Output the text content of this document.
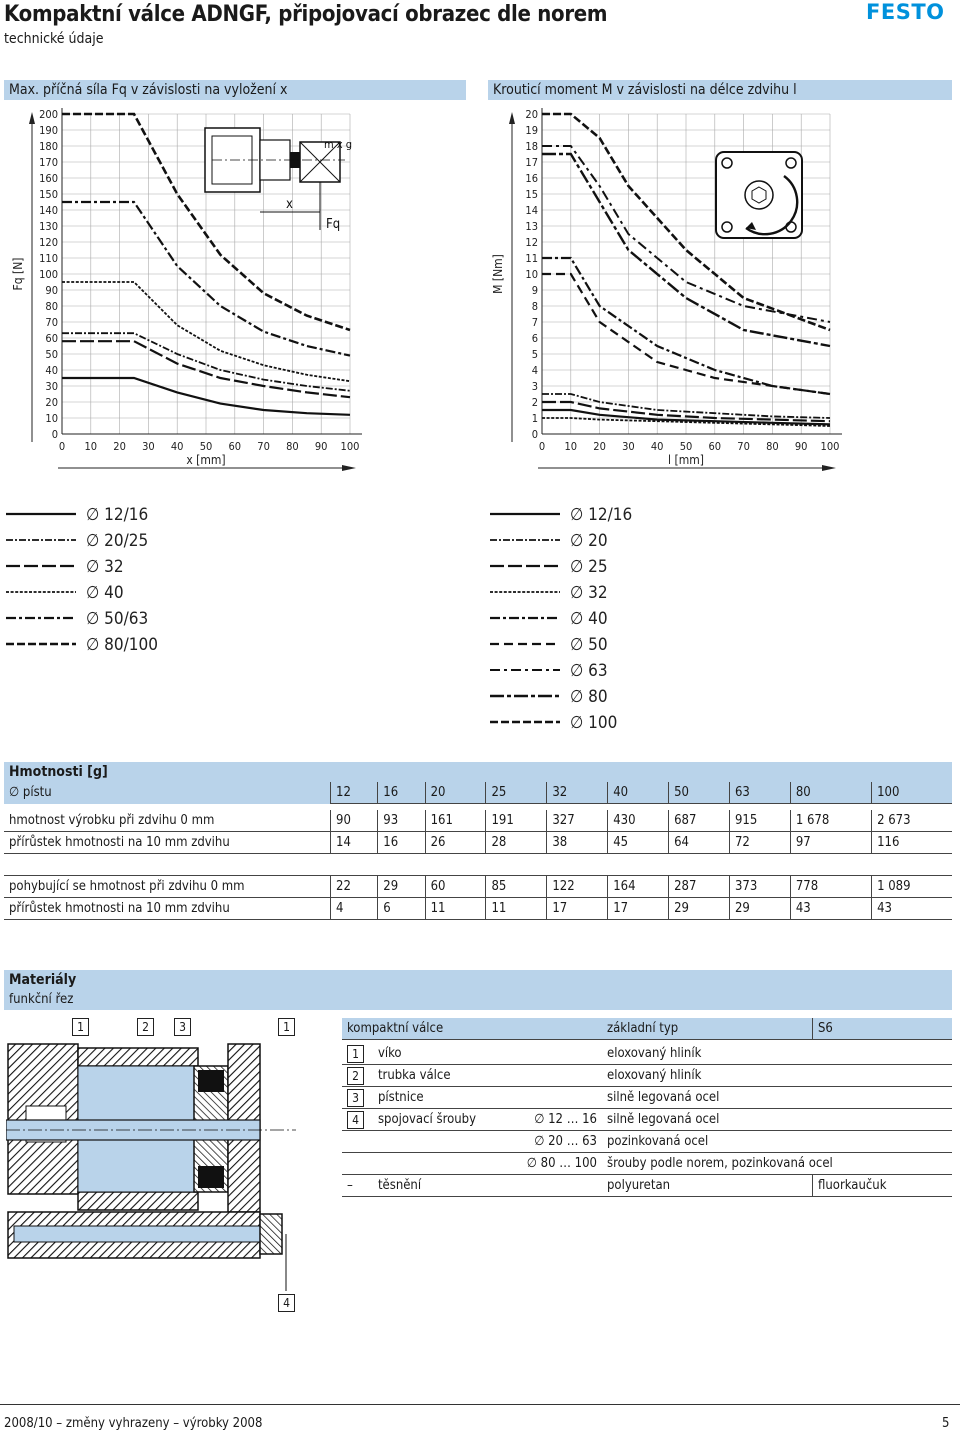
Kompaktní válce ADNGF, připojovací obrazec dle norem
technické údaje
FESTO
Max. příčná síla Fq v závislosti na vyložení x	Krouticí moment M v závislosti na délce zdvihu l
0 10 20 30 40 50 60 70 80 90 100
0
10
20
30
40
50
60
70
80
90
100
110
120
130
140
150
160
170
180
190
200
x [mm]
Fq [N]
m x g
x
Fq
0 10 20 30 40 50 60 70 80 90 100
0
1
2
3
4
5
6
7
8
9
10
11
12
13
14
15
16
17
18
19
20
l [mm]
M [Nm]
∅ 12/16
∅ 20/25
∅ 32
∅ 40
∅ 50/63
∅ 80/100
∅ 12/16
∅ 20
∅ 25
∅ 32
∅ 40
∅ 50
∅ 63
∅ 80
∅ 100
Hmotnosti [g]
∅ pístu	12	16	20	25	32	40	50	63	80	100

hmotnost výrobku při zdvihu 0 mm	90	93	161	191	327	430	687	915	1 678	2 673
přírůstek hmotnosti na 10 mm zdvihu	14	16	26	28	38	45	64	72	97	116

pohybující se hmotnost při zdvihu 0 mm	22	29	60	85	122	164	287	373	778	1 089
přírůstek hmotnosti na 10 mm zdvihu	4	6	11	11	17	17	29	29	43	43
Materiály
funkční řez
1	2	3	1
4
kompaktní válce			základní typ	S6

1	víko		eloxovaný hliník	
2	trubka válce		eloxovaný hliník	
3	pístnice		silně legovaná ocel	
4	spojovací šrouby	∅ 12 … 16	silně legovaná ocel	
		∅ 20 … 63	pozinkovaná ocel	
		∅ 80 … 100	šrouby podle norem, pozinkovaná ocel	
–	těsnění		polyuretan	fluorkaučuk
2008/10 – změny vyhrazeny – výrobky 2008	5
